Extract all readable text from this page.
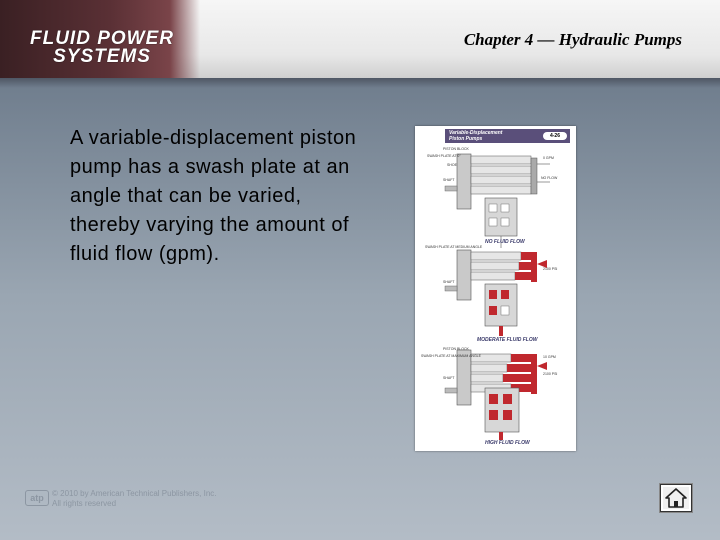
FLUID POWER
SYSTEMS
Chapter 4 — Hydraulic Pumps
A variable-displacement piston pump has a swash plate at an angle that can be varied, thereby varying the amount of fluid flow (gpm).
Variable-Displacement
Piston Pumps	4-26
PISTON BLOCK
SWASH PLATE AT 0°
SHOE
SHAFT
0 GPM
NO FLOW
NO FLUID FLOW
SWASH PLATE AT MEDIUM ANGLE
2100 PSI
SHAFT
MODERATE FLUID FLOW
PISTON BLOCK
SWASH PLATE AT MAXIMUM ANGLE
SHAFT
10 GPM
2100 PSI
HIGH FLUID FLOW
atp	© 2010 by American Technical Publishers, Inc.
All rights reserved
